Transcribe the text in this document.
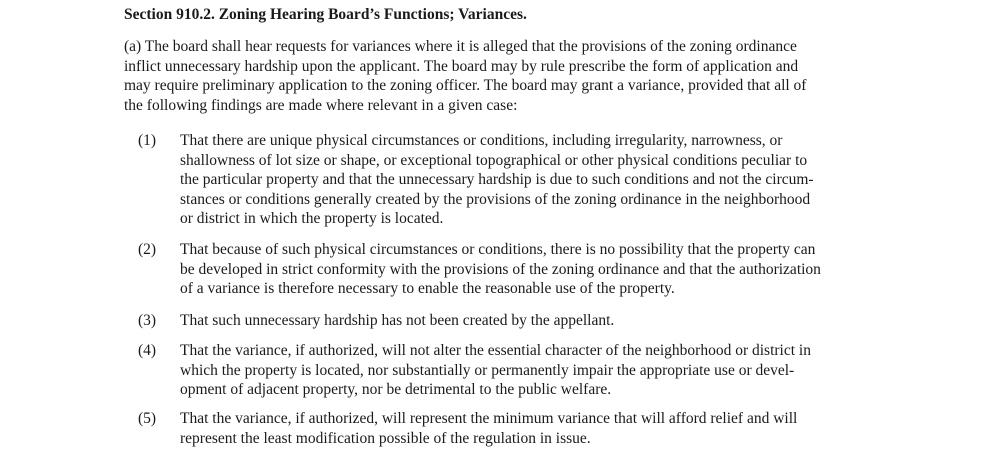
Section 910.2. Zoning Hearing Board’s Functions; Variances.
(a) The board shall hear requests for variances where it is alleged that the provisions of the zoning ordinance
inflict unnecessary hardship upon the applicant. The board may by rule prescribe the form of application and
may require preliminary application to the zoning officer. The board may grant a variance, provided that all of
the following findings are made where relevant in a given case:
(1) That there are unique physical circumstances or conditions, including irregularity, narrowness, or
shallowness of lot size or shape, or exceptional topographical or other physical conditions peculiar to
the particular property and that the unnecessary hardship is due to such conditions and not the circum-
stances or conditions generally created by the provisions of the zoning ordinance in the neighborhood
or district in which the property is located.
(2) That because of such physical circumstances or conditions, there is no possibility that the property can
be developed in strict conformity with the provisions of the zoning ordinance and that the authorization
of a variance is therefore necessary to enable the reasonable use of the property.
(3) That such unnecessary hardship has not been created by the appellant.
(4) That the variance, if authorized, will not alter the essential character of the neighborhood or district in
which the property is located, nor substantially or permanently impair the appropriate use or devel-
opment of adjacent property, nor be detrimental to the public welfare.
(5) That the variance, if authorized, will represent the minimum variance that will afford relief and will
represent the least modification possible of the regulation in issue.
